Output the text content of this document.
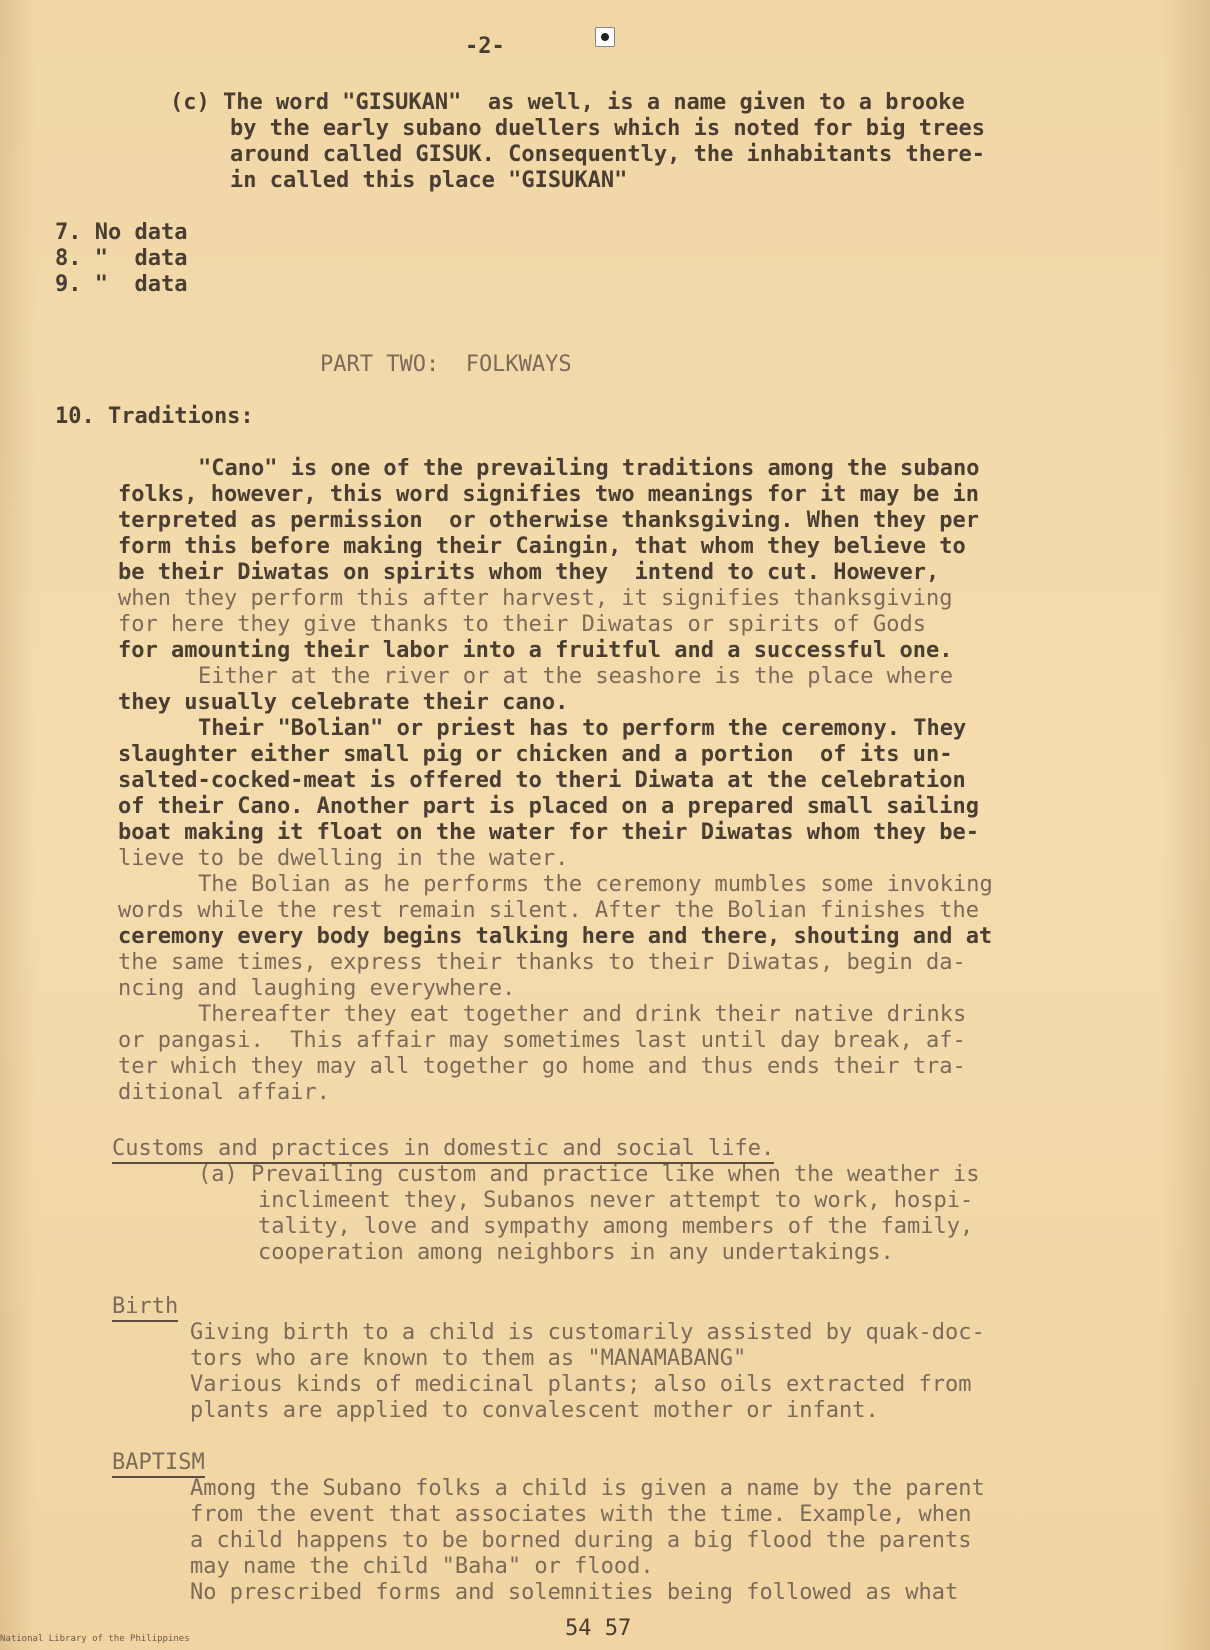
-2-
(c) The word "GISUKAN"  as well, is a name given to a brooke
by the early subano duellers which is noted for big trees
around called GISUK. Consequently, the inhabitants there-
in called this place "GISUKAN"
7. No data
8. "  data
9. "  data
PART TWO:  FOLKWAYS
10. Traditions:
"Cano" is one of the prevailing traditions among the subano
folks, however, this word signifies two meanings for it may be in
terpreted as permission  or otherwise thanksgiving. When they per
form this before making their Caingin, that whom they believe to
be their Diwatas on spirits whom they  intend to cut. However,
when they perform this after harvest, it signifies thanksgiving
for here they give thanks to their Diwatas or spirits of Gods
for amounting their labor into a fruitful and a successful one.
Either at the river or at the seashore is the place where
they usually celebrate their cano.
Their "Bolian" or priest has to perform the ceremony. They
slaughter either small pig or chicken and a portion  of its un-
salted-cocked-meat is offered to theri Diwata at the celebration
of their Cano. Another part is placed on a prepared small sailing
boat making it float on the water for their Diwatas whom they be-
lieve to be dwelling in the water.
The Bolian as he performs the ceremony mumbles some invoking
words while the rest remain silent. After the Bolian finishes the
ceremony every body begins talking here and there, shouting and at
the same times, express their thanks to their Diwatas, begin da-
ncing and laughing everywhere.
Thereafter they eat together and drink their native drinks
or pangasi.  This affair may sometimes last until day break, af-
ter which they may all together go home and thus ends their tra-
ditional affair.
Customs and practices in domestic and social life.
(a) Prevailing custom and practice like when the weather is
inclimeent they, Subanos never attempt to work, hospi-
tality, love and sympathy among members of the family,
cooperation among neighbors in any undertakings.
Birth
Giving birth to a child is customarily assisted by quak-doc-
tors who are known to them as "MANAMABANG"
Various kinds of medicinal plants; also oils extracted from
plants are applied to convalescent mother or infant.
BAPTISM
Among the Subano folks a child is given a name by the parent
from the event that associates with the time. Example, when
a child happens to be borned during a big flood the parents
may name the child "Baha" or flood.
No prescribed forms and solemnities being followed as what
54 57
National Library of the Philippines
